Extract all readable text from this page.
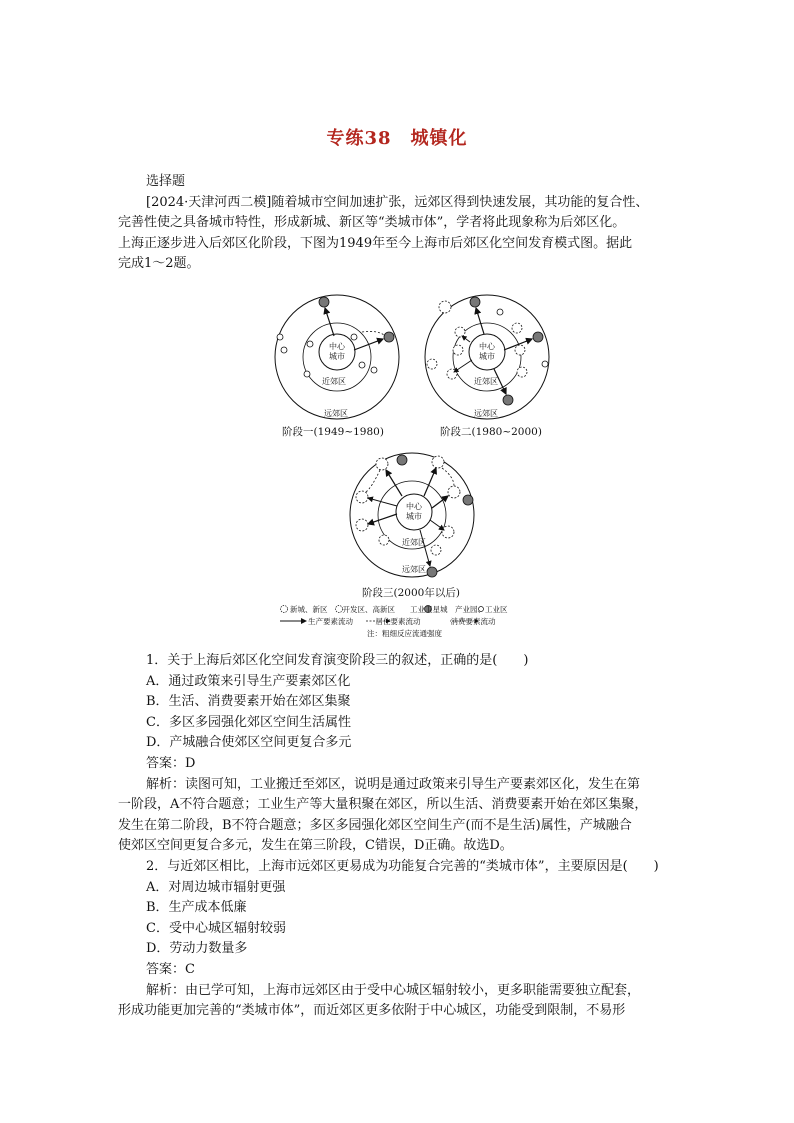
专练38　城镇化
选择题
[2024·天津河西二模]随着城市空间加速扩张，远郊区得到快速发展，其功能的复合性、
完善性使之具备城市特性，形成新城、新区等“类城市体”，学者将此现象称为后郊区化。
上海正逐步进入后郊区化阶段，下图为1949年至今上海市后郊区化空间发育模式图。据此
完成1～2题。
中心
城市
近郊区
远郊区
阶段一(1949~1980)
中心
城市
近郊区
远郊区
阶段二(1980~2000)
中心
城市
近郊区
远郊区
阶段三(2000年以后)
新城、新区　　开发区、高新区　　工业卫星城　产业园、工业区
生产要素流动　　　居住要素流动　　　　消费要素流动
注：粗细反应流通强度
1．关于上海后郊区化空间发育演变阶段三的叙述，正确的是(　　)
A．通过政策来引导生产要素郊区化
B．生活、消费要素开始在郊区集聚
C．多区多园强化郊区空间生活属性
D．产城融合使郊区空间更复合多元
答案：D
解析：读图可知，工业搬迁至郊区，说明是通过政策来引导生产要素郊区化，发生在第
一阶段，A不符合题意；工业生产等大量积聚在郊区，所以生活、消费要素开始在郊区集聚，
发生在第二阶段，B不符合题意；多区多园强化郊区空间生产(而不是生活)属性，产城融合
使郊区空间更复合多元，发生在第三阶段，C错误，D正确。故选D。
2．与近郊区相比，上海市远郊区更易成为功能复合完善的“类城市体”，主要原因是(　　)
A．对周边城市辐射更强
B．生产成本低廉
C．受中心城区辐射较弱
D．劳动力数量多
答案：C
解析：由已学可知，上海市远郊区由于受中心城区辐射较小，更多职能需要独立配套，
形成功能更加完善的“类城市体”，而近郊区更多依附于中心城区，功能受到限制，不易形
